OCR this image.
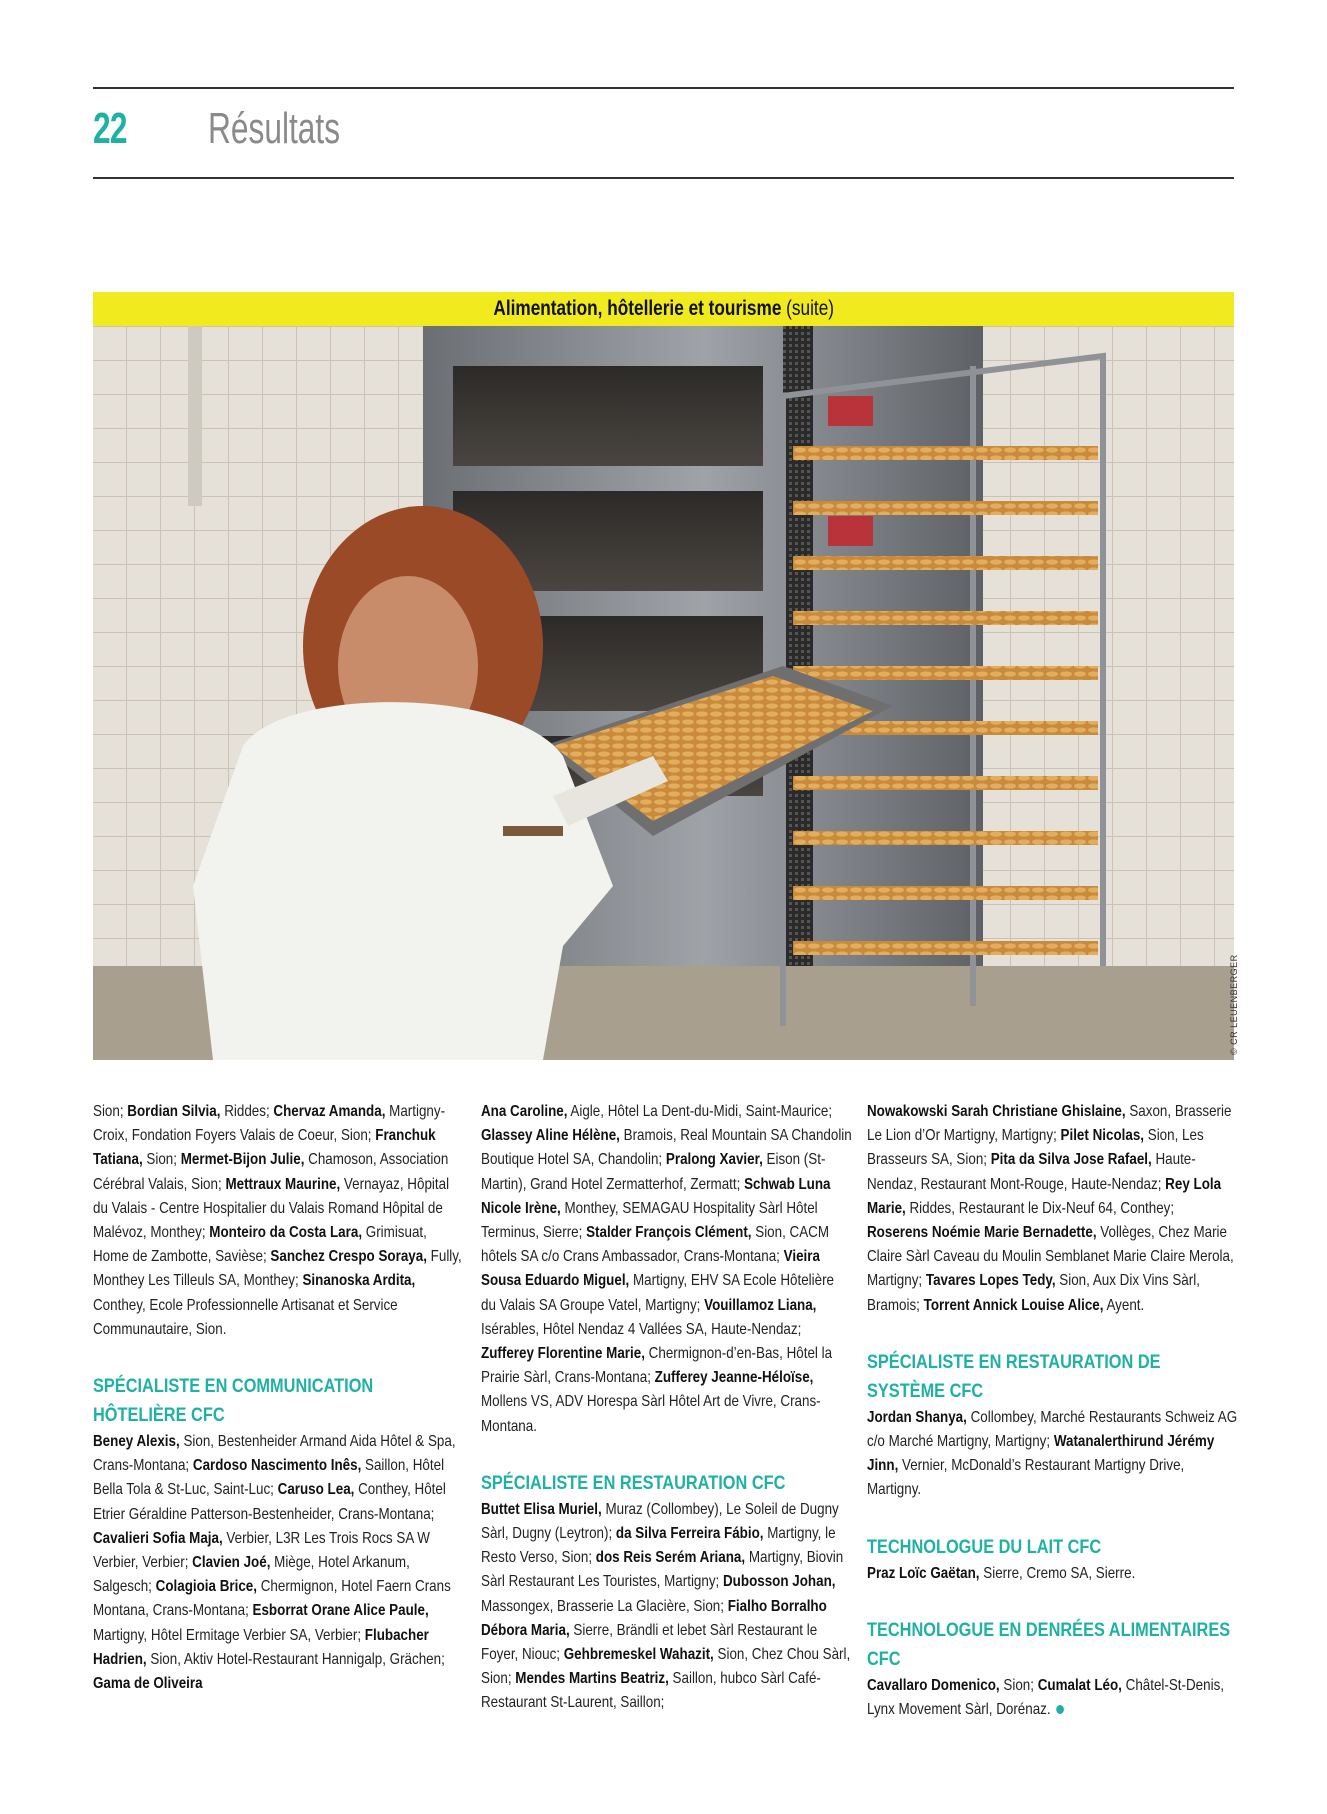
22 Résultats
Alimentation, hôtellerie et tourisme (suite)
© CR LEUENBERGER

Sion; Bordian Silvia, Riddes; Chervaz Amanda, Martigny-Croix, Fondation Foyers Valais de Coeur, Sion; Franchuk Tatiana, Sion; Mermet-Bijon Julie, Chamoson, Association Cérébral Valais, Sion; Mettraux Maurine, Vernayaz, Hôpital du Valais - Centre Hospitalier du Valais Romand Hôpital de Malévoz, Monthey; Monteiro da Costa Lara, Grimisuat, Home de Zambotte, Savièse; Sanchez Crespo Soraya, Fully, Monthey Les Tilleuls SA, Monthey; Sinanoska Ardita, Conthey, Ecole Professionnelle Artisanat et Service Communautaire, Sion.

SPÉCIALISTE EN COMMUNICATION HÔTELIÈRE CFC

Beney Alexis, Sion, Bestenheider Armand Aida Hôtel & Spa, Crans-Montana; Cardoso Nascimento Inês, Saillon, Hôtel Bella Tola & St-Luc, Saint-Luc; Caruso Lea, Conthey, Hôtel Etrier Géraldine Patterson-Bestenheider, Crans-Montana; Cavalieri Sofia Maja, Verbier, L3R Les Trois Rocs SA W Verbier, Verbier; Clavien Joé, Miège, Hotel Arkanum, Salgesch; Colagioia Brice, Chermignon, Hotel Faern Crans Montana, Crans-Montana; Esborrat Orane Alice Paule, Martigny, Hôtel Ermitage Verbier SA, Verbier; Flubacher Hadrien, Sion, Aktiv Hotel-Restaurant Hannigalp, Grächen; Gama de Oliveira

Ana Caroline, Aigle, Hôtel La Dent-du-Midi, Saint-Maurice; Glassey Aline Hélène, Bramois, Real Mountain SA Chandolin Boutique Hotel SA, Chandolin; Pralong Xavier, Eison (St-Martin), Grand Hotel Zermatterhof, Zermatt; Schwab Luna Nicole Irène, Monthey, SEMAGAU Hospitality Sàrl Hôtel Terminus, Sierre; Stalder François Clément, Sion, CACM hôtels SA c/o Crans Ambassador, Crans-Montana; Vieira Sousa Eduardo Miguel, Martigny, EHV SA Ecole Hôtelière du Valais SA Groupe Vatel, Martigny; Vouillamoz Liana, Isérables, Hôtel Nendaz 4 Vallées SA, Haute-Nendaz; Zufferey Florentine Marie, Chermignon-d’en-Bas, Hôtel la Prairie Sàrl, Crans-Montana; Zufferey Jeanne-Héloïse, Mollens VS, ADV Horespa Sàrl Hôtel Art de Vivre, Crans-Montana.

SPÉCIALISTE EN RESTAURATION CFC

Buttet Elisa Muriel, Muraz (Collombey), Le Soleil de Dugny Sàrl, Dugny (Leytron); da Silva Ferreira Fábio, Martigny, le Resto Verso, Sion; dos Reis Serém Ariana, Martigny, Biovin Sàrl Restaurant Les Touristes, Martigny; Dubosson Johan, Massongex, Brasserie La Glacière, Sion; Fialho Borralho Débora Maria, Sierre, Brändli et lebet Sàrl Restaurant le Foyer, Niouc; Gehbremeskel Wahazit, Sion, Chez Chou Sàrl, Sion; Mendes Martins Beatriz, Saillon, hubco Sàrl Café-Restaurant St-Laurent, Saillon;

Nowakowski Sarah Christiane Ghislaine, Saxon, Brasserie Le Lion d’Or Martigny, Martigny; Pilet Nicolas, Sion, Les Brasseurs SA, Sion; Pita da Silva Jose Rafael, Haute-Nendaz, Restaurant Mont-Rouge, Haute-Nendaz; Rey Lola Marie, Riddes, Restaurant le Dix-Neuf 64, Conthey; Roserens Noémie Marie Bernadette, Vollèges, Chez Marie Claire Sàrl Caveau du Moulin Semblanet Marie Claire Merola, Martigny; Tavares Lopes Tedy, Sion, Aux Dix Vins Sàrl, Bramois; Torrent Annick Louise Alice, Ayent.

SPÉCIALISTE EN RESTAURATION DE SYSTÈME CFC

Jordan Shanya, Collombey, Marché Restaurants Schweiz AG c/o Marché Martigny, Martigny; Watanalerthirund Jérémy Jinn, Vernier, McDonald’s Restaurant Martigny Drive, Martigny.

TECHNOLOGUE DU LAIT CFC

Praz Loïc Gaëtan, Sierre, Cremo SA, Sierre.

TECHNOLOGUE EN DENRÉES ALIMENTAIRES CFC

Cavallaro Domenico, Sion; Cumalat Léo, Châtel-St-Denis, Lynx Movement Sàrl, Dorénaz.
